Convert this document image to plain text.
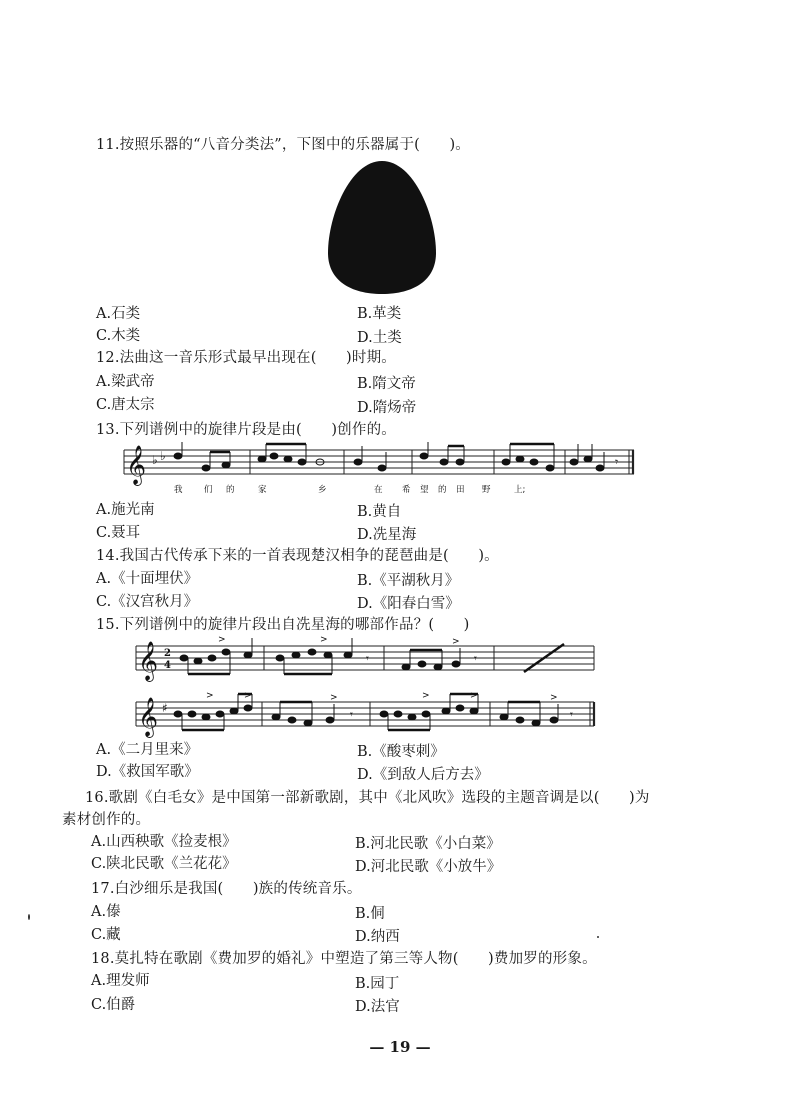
11.按照乐器的“八音分类法”，下图中的乐器属于(　　)。
A.石类	B.革类
C.木类	D.土类
12.法曲这一音乐形式最早出现在(　　)时期。
A.梁武帝	B.隋文帝
C.唐太宗	D.隋炀帝
13.下列谱例中的旋律片段是由(　　)创作的。
𝄞 ♭ ♭	𝄾
我	们 的	家	乡	在 希 望 的 田 野	上;
A.施光南	B.黄自
C.聂耳	D.冼星海
14.我国古代传承下来的一首表现楚汉相争的琵琶曲是(　　)。
A.《十面埋伏》	B.《平湖秋月》
C.《汉宫秋月》	D.《阳春白雪》
15.下列谱例中的旋律片段出自冼星海的哪部作品？(　　)
𝄞 2
4
>	>	>
𝄾	𝄾
𝄞 ♯
>	>	>	>	>	>
𝄾	𝄾
A.《二月里来》	B.《酸枣刺》
D.《救国军歌》	D.《到敌人后方去》
16.歌剧《白毛女》是中国第一部新歌剧，其中《北风吹》选段的主题音调是以(　　)为
素材创作的。
A.山西秧歌《捡麦根》	B.河北民歌《小白菜》
C.陕北民歌《兰花花》	D.河北民歌《小放牛》
17.白沙细乐是我国(　　)族的传统音乐。
A.傣	B.侗
C.藏	D.纳西
18.莫扎特在歌剧《费加罗的婚礼》中塑造了第三等人物(　　)费加罗的形象。
A.理发师	B.园丁
C.伯爵	D.法官
— 19 —
